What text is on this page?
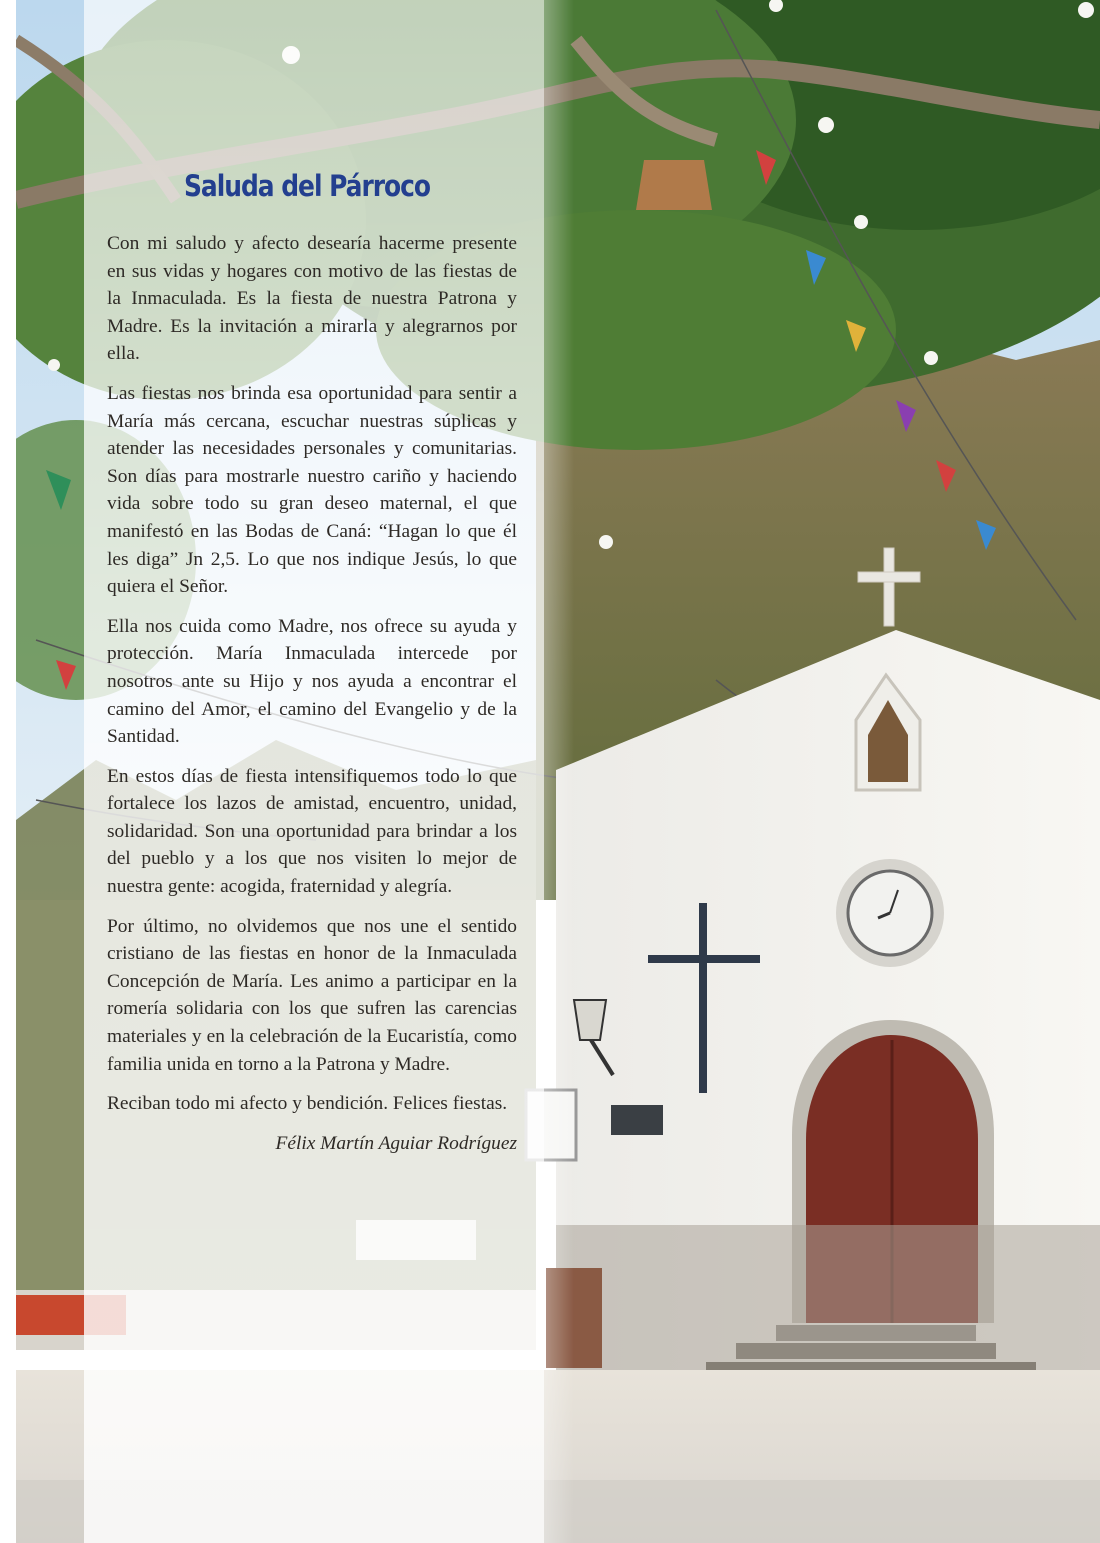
Saluda del Párroco

Con mi saludo y afecto desearía hacerme presente en sus vidas y hogares con motivo de las fiestas de la Inmaculada. Es la fiesta de nuestra Patrona y Madre. Es la invitación a mirarla y alegrarnos por ella.

Las fiestas nos brinda esa oportunidad para sentir a María más cercana, escuchar nuestras súplicas y atender las necesidades personales y comunitarias. Son días para mostrarle nuestro cariño y haciendo vida sobre todo su gran deseo maternal, el que manifestó en las Bodas de Caná: “Hagan lo que él les diga” Jn 2,5. Lo que nos indique Jesús, lo que quiera el Señor.

Ella nos cuida como Madre, nos ofrece su ayuda y protección. María Inmaculada intercede por nosotros ante su Hijo y nos ayuda a encontrar el camino del Amor, el camino del Evangelio y de la Santidad.

En estos días de fiesta intensifiquemos todo lo que fortalece los lazos de amistad, encuentro, unidad, solidaridad. Son una oportunidad para brindar a los del pueblo y a los que nos visiten lo mejor de nuestra gente: acogida, fraternidad y alegría.

Por último, no olvidemos que nos une el sentido cristiano de las fiestas en honor de la Inmaculada Concepción de María. Les animo a participar en la romería solidaria con los que sufren las carencias materiales y en la celebración de la Eucaristía, como familia unida en torno a la Patrona y Madre.

Reciban todo mi afecto y bendición. Felices fiestas.

Félix Martín Aguiar Rodríguez
